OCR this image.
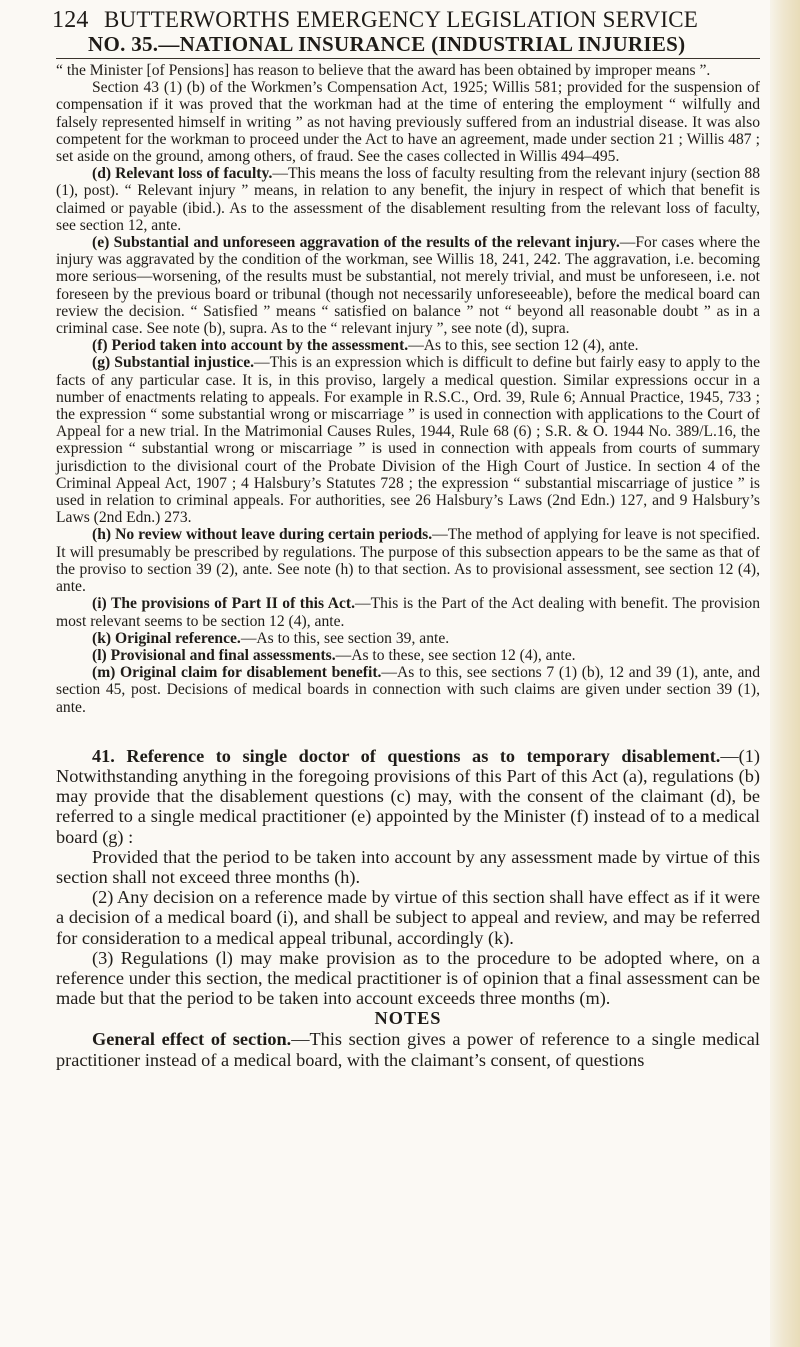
124 BUTTERWORTHS EMERGENCY LEGISLATION SERVICE
NO. 35.—NATIONAL INSURANCE (INDUSTRIAL INJURIES)

“ the Minister [of Pensions] has reason to believe that the award has been obtained by improper means ”.

Section 43 (1) (b) of the Workmen’s Compensation Act, 1925; Willis 581; provided for the suspension of compensation if it was proved that the workman had at the time of entering the employment “ wilfully and falsely represented himself in writing ” as not having previously suffered from an industrial disease. It was also competent for the workman to proceed under the Act to have an agreement, made under section 21 ; Willis 487 ; set aside on the ground, among others, of fraud. See the cases collected in Willis 494–495.

(d) Relevant loss of faculty.—This means the loss of faculty resulting from the relevant injury (section 88 (1), post). “ Relevant injury ” means, in relation to any benefit, the injury in respect of which that benefit is claimed or payable (ibid.). As to the assessment of the disablement resulting from the relevant loss of faculty, see section 12, ante.

(e) Substantial and unforeseen aggravation of the results of the relevant injury.—For cases where the injury was aggravated by the condition of the workman, see Willis 18, 241, 242. The aggravation, i.e. becoming more serious—worsening, of the results must be substantial, not merely trivial, and must be unforeseen, i.e. not foreseen by the previous board or tribunal (though not necessarily unforeseeable), before the medical board can review the decision. “ Satisfied ” means “ satisfied on balance ” not “ beyond all reasonable doubt ” as in a criminal case. See note (b), supra. As to the “ relevant injury ”, see note (d), supra.

(f) Period taken into account by the assessment.—As to this, see section 12 (4), ante.

(g) Substantial injustice.—This is an expression which is difficult to define but fairly easy to apply to the facts of any particular case. It is, in this proviso, largely a medical question. Similar expressions occur in a number of enactments relating to appeals. For example in R.S.C., Ord. 39, Rule 6; Annual Practice, 1945, 733 ; the expression “ some substantial wrong or miscarriage ” is used in connection with applications to the Court of Appeal for a new trial. In the Matrimonial Causes Rules, 1944, Rule 68 (6) ; S.R. & O. 1944 No. 389/L.16, the expression “ substantial wrong or miscarriage ” is used in connection with appeals from courts of summary jurisdiction to the divisional court of the Probate Division of the High Court of Justice. In section 4 of the Criminal Appeal Act, 1907 ; 4 Halsbury’s Statutes 728 ; the expression “ substantial miscarriage of justice ” is used in relation to criminal appeals. For authorities, see 26 Halsbury’s Laws (2nd Edn.) 127, and 9 Halsbury’s Laws (2nd Edn.) 273.

(h) No review without leave during certain periods.—The method of applying for leave is not specified. It will presumably be prescribed by regulations. The purpose of this subsection appears to be the same as that of the proviso to section 39 (2), ante. See note (h) to that section. As to provisional assessment, see section 12 (4), ante.

(i) The provisions of Part II of this Act.—This is the Part of the Act dealing with benefit. The provision most relevant seems to be section 12 (4), ante.

(k) Original reference.—As to this, see section 39, ante.

(l) Provisional and final assessments.—As to these, see section 12 (4), ante.

(m) Original claim for disablement benefit.—As to this, see sections 7 (1) (b), 12 and 39 (1), ante, and section 45, post. Decisions of medical boards in connection with such claims are given under section 39 (1), ante.

41. Reference to single doctor of questions as to temporary disablement.—(1) Notwithstanding anything in the foregoing provisions of this Part of this Act (a), regulations (b) may provide that the disablement questions (c) may, with the consent of the claimant (d), be referred to a single medical practitioner (e) appointed by the Minister (f) instead of to a medical board (g) :

Provided that the period to be taken into account by any assessment made by virtue of this section shall not exceed three months (h).

(2) Any decision on a reference made by virtue of this section shall have effect as if it were a decision of a medical board (i), and shall be subject to appeal and review, and may be referred for consideration to a medical appeal tribunal, accordingly (k).

(3) Regulations (l) may make provision as to the procedure to be adopted where, on a reference under this section, the medical practitioner is of opinion that a final assessment can be made but that the period to be taken into account exceeds three months (m).

NOTES

General effect of section.—This section gives a power of reference to a single medical practitioner instead of a medical board, with the claimant’s consent, of questions
